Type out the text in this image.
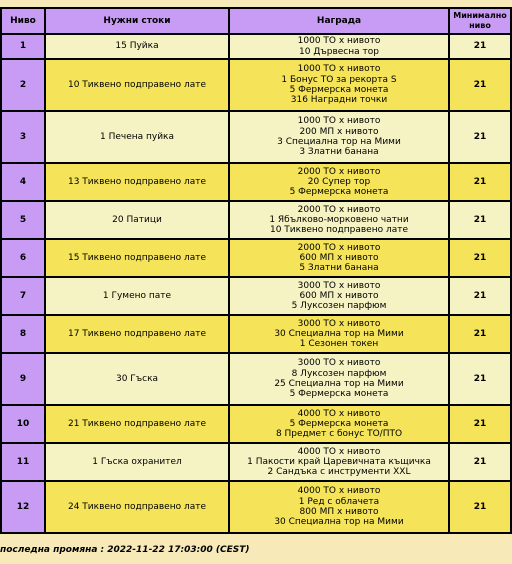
Ниво	Нужни стоки	Награда	Минимално ниво
1	15 Пуйка	1000 ТО x нивото
10 Дървесна тор	21
2	10 Тиквено подправено лате	1000 ТО x нивото
1 Бонус ТО за рекорта S
5 Фермерска монета
316 Наградни точки	21
3	1 Печена пуйка	1000 ТО x нивото
200 МП x нивото
3 Специална тор на Мими
3 Златни банана	21
4	13 Тиквено подправено лате	2000 ТО x нивото
20 Супер тор
5 Фермерска монета	21
5	20 Патици	2000 ТО x нивото
1 Ябълково-морковено чатни
10 Тиквено подправено лате	21
6	15 Тиквено подправено лате	2000 ТО x нивото
600 МП x нивото
5 Златни банана	21
7	1 Гумено пате	3000 ТО x нивото
600 МП x нивото
5 Луксозен парфюм	21
8	17 Тиквено подправено лате	3000 ТО x нивото
30 Специална тор на Мими
1 Сезонен токен	21
9	30 Гъска	3000 ТО x нивото
8 Луксозен парфюм
25 Специална тор на Мими
5 Фермерска монета	21
10	21 Тиквено подправено лате	4000 ТО x нивото
5 Фермерска монета
8 Предмет с бонус ТО/ПТО	21
11	1 Гъска охранител	4000 ТО x нивото
1 Пакости край Царевичната къщичка
2 Сандъка с инструменти XXL	21
12	24 Тиквено подправено лате	4000 ТО x нивото
1 Ред с облачета
800 МП x нивото
30 Специална тор на Мими	21
последна промяна : 2022-11-22 17:03:00 (CEST)
